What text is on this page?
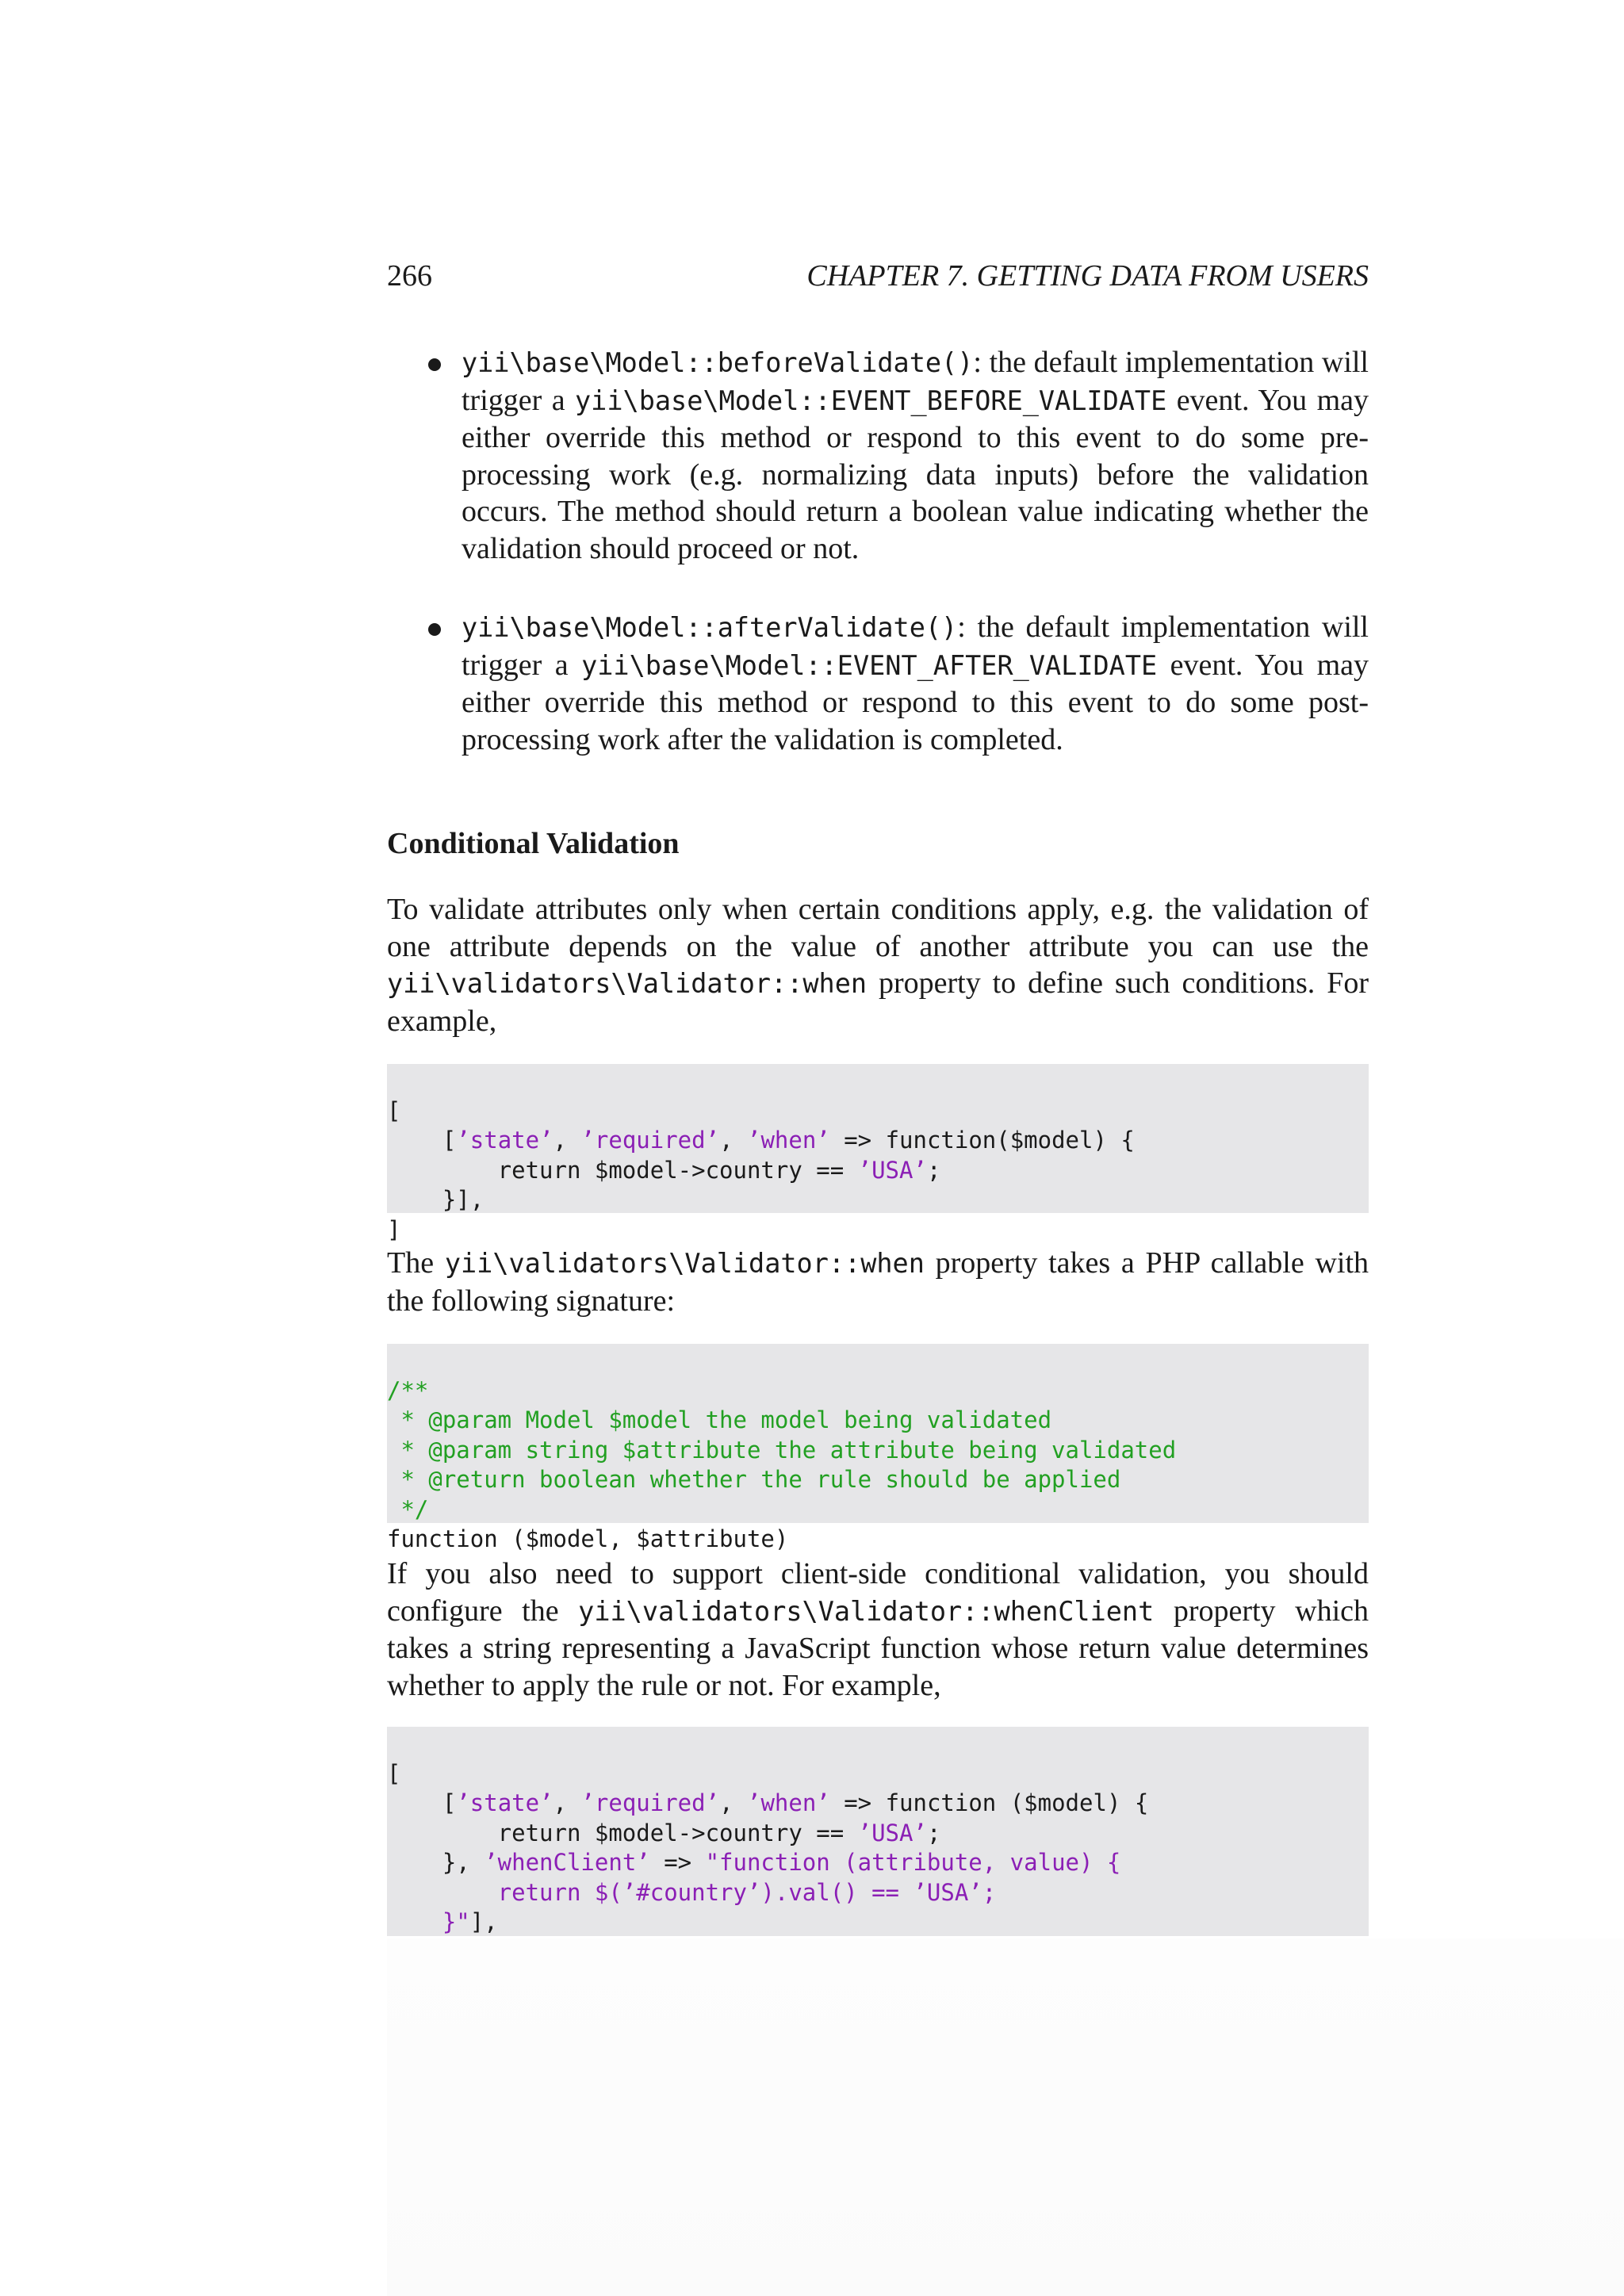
266	CHAPTER 7. GETTING DATA FROM USERS
yii\base\Model::beforeValidate(): the default implementation will trigger a yii\base\Model::EVENT_BEFORE_VALIDATE event. You may either override this method or respond to this event to do some pre-processing work (e.g. normalizing data inputs) before the validation occurs. The method should return a boolean value indicating whether the validation should proceed or not.
yii\base\Model::afterValidate(): the default implementation will trigger a yii\base\Model::EVENT_AFTER_VALIDATE event. You may either override this method or respond to this event to do some post-processing work after the validation is completed.
Conditional Validation
To validate attributes only when certain conditions apply, e.g. the validation of one attribute depends on the value of another attribute you can use the yii\validators\Validator::when property to define such conditions. For example,

[
[’state’, ’required’, ’when’ => function($model) {
return $model->country == ’USA’;
}],
]
The yii\validators\Validator::when property takes a PHP callable with the following signature:

/**
* @param Model $model the model being validated
* @param string $attribute the attribute being validated
* @return boolean whether the rule should be applied
*/
function ($model, $attribute)
If you also need to support client-side conditional validation, you should configure the yii\validators\Validator::whenClient property which takes a string representing a JavaScript function whose return value determines whether to apply the rule or not. For example,

[
[’state’, ’required’, ’when’ => function ($model) {
return $model->country == ’USA’;
}, ’whenClient’ => "function (attribute, value) {
return $(’#country’).val() == ’USA’;
}"],
